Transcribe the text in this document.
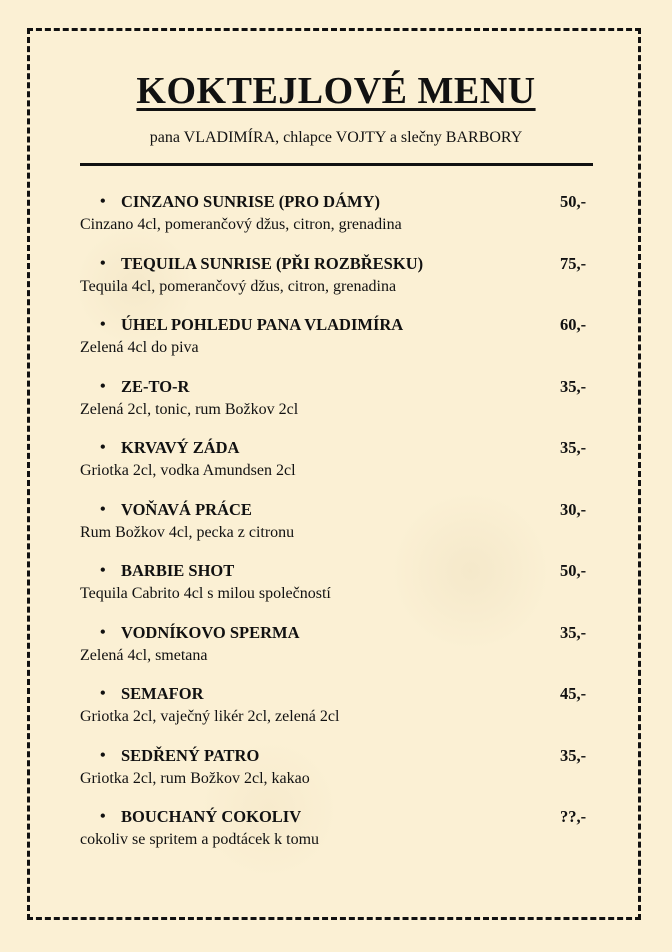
KOKTEJLOVÉ MENU
pana VLADIMÍRA, chlapce VOJTY a slečny BARBORY
• CINZANO SUNRISE (PRO DÁMY)	50,-
Cinzano 4cl, pomerančový džus, citron, grenadina
• TEQUILA SUNRISE (PŘI ROZBŘESKU)	75,-
Tequila 4cl, pomerančový džus, citron, grenadina
• ÚHEL POHLEDU PANA VLADIMÍRA	60,-
Zelená 4cl do piva
• ZE-TO-R	35,-
Zelená 2cl, tonic, rum Božkov 2cl
• KRVAVÝ ZÁDA	35,-
Griotka 2cl, vodka Amundsen 2cl
• VOŇAVÁ PRÁCE	30,-
Rum Božkov 4cl, pecka z citronu
• BARBIE SHOT	50,-
Tequila Cabrito 4cl s milou společností
• VODNÍKOVO SPERMA	35,-
Zelená 4cl, smetana
• SEMAFOR	45,-
Griotka 2cl, vaječný likér 2cl, zelená 2cl
• SEDŘENÝ PATRO	35,-
Griotka 2cl, rum Božkov 2cl, kakao
• BOUCHANÝ COKOLIV	??,-
cokoliv se spritem a podtácek k tomu
